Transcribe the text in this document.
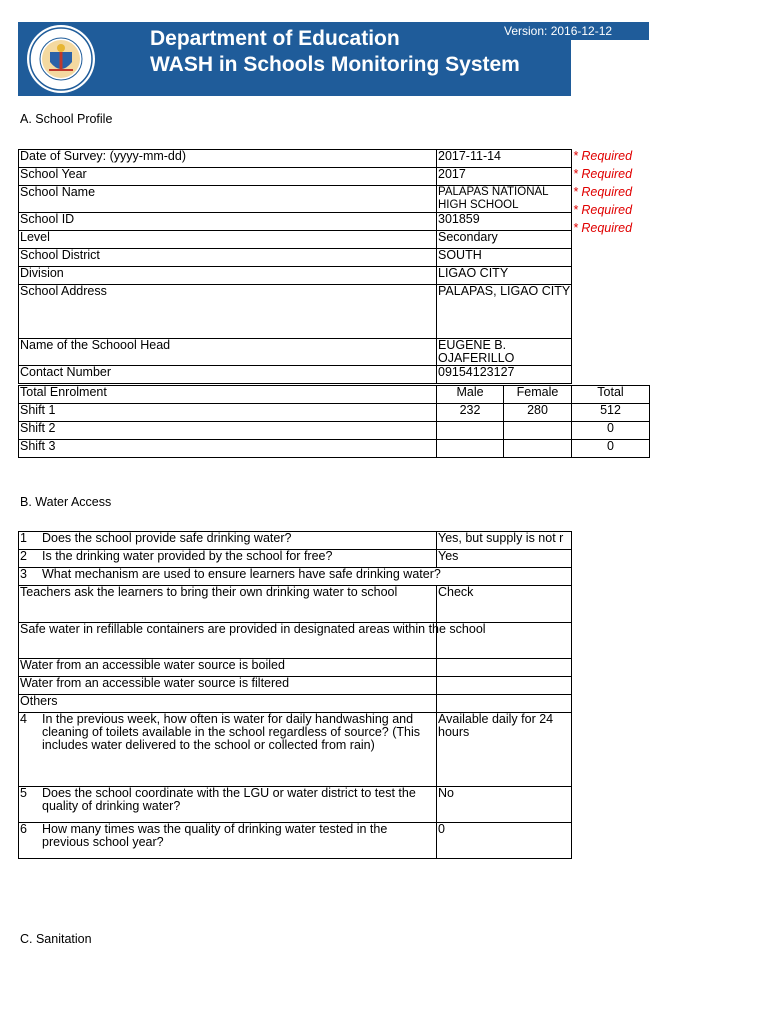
Version: 2016-12-12
Department of Education
WASH in Schools Monitoring System
A. School Profile
Date of Survey: (yyyy-mm-dd)	2017-11-14
School Year	2017
School Name	PALAPAS NATIONAL HIGH SCHOOL
School ID	301859
Level	Secondary
School District	SOUTH
Division	LIGAO CITY
School Address	PALAPAS, LIGAO CITY
Name of the Schoool Head	EUGENE B. OJAFERILLO
Contact Number	09154123127
* Required
* Required
* Required
* Required
* Required
Total Enrolment	Male	Female	Total
Shift 1	232	280	512
Shift 2			0
Shift 3			0
B. Water Access
1 Does the school provide safe drinking water?	Yes, but supply is not r
2 Is the drinking water provided by the school for free?	Yes
3 What mechanism are used to ensure learners have safe drinking water?	
Teachers ask the learners to bring their own drinking water to school	Check
Safe water in refillable containers are provided in designated areas within the school	
Water from an accessible water source is boiled	
Water from an accessible water source is filtered	
Others	
4 In the previous week, how often is water for daily handwashing and cleaning of toilets available in the school regardless of source? (This includes water delivered to the school or collected from rain)	Available daily for 24 hours
5 Does the school coordinate with the LGU or water district to test the quality of drinking water?	No
6 How many times was the quality of drinking water tested in the previous school year?	0
C. Sanitation
